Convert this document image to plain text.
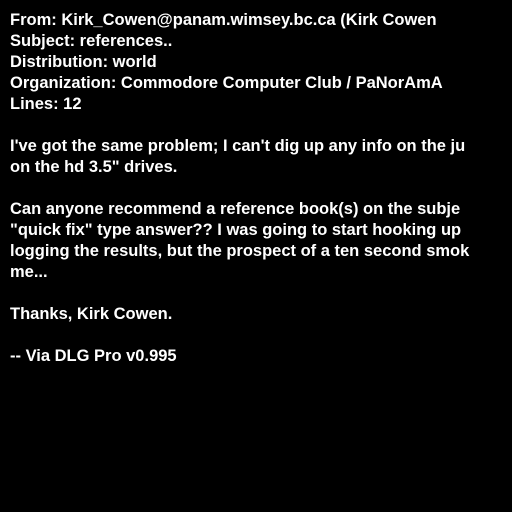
From: Kirk_Cowen@panam.wimsey.bc.ca (Kirk Cowen
Subject: references..
Distribution: world
Organization: Commodore Computer Club / PaNorAmA
Lines: 12
I've got the same problem; I can't dig up any info on the ju
on the hd 3.5" drives.
Can anyone recommend a reference book(s) on the subje
"quick fix" type answer?? I was going to start hooking up
logging the results, but the prospect of a ten second smok
me...
Thanks, Kirk Cowen.
-- Via DLG Pro v0.995
